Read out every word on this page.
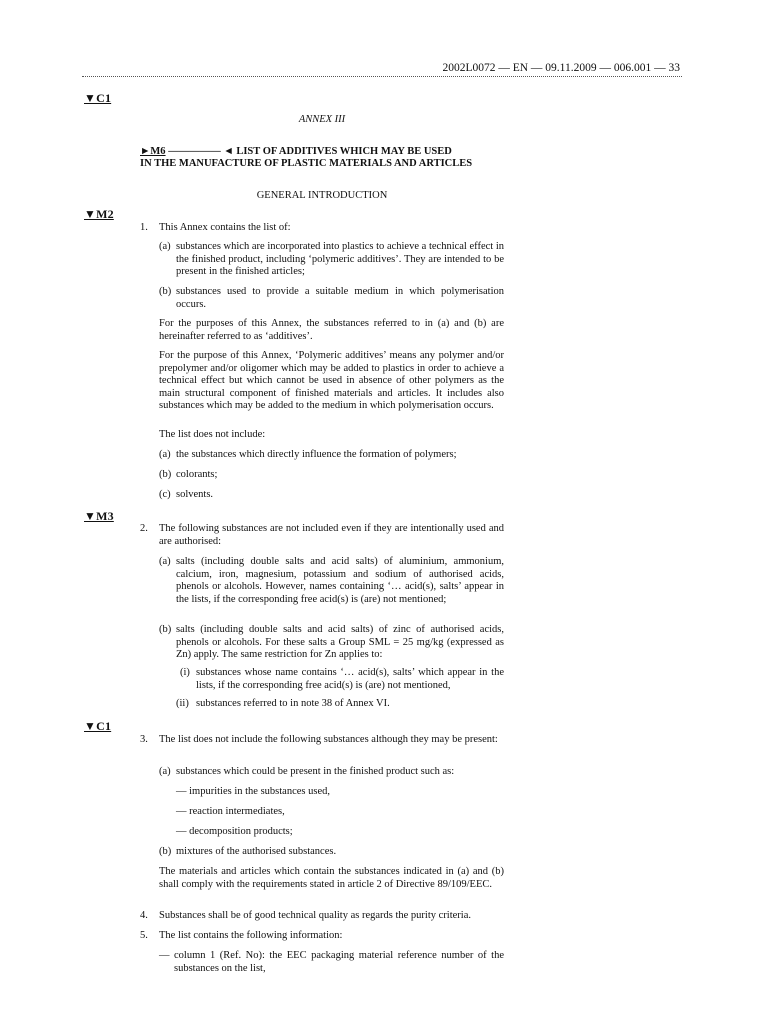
2002L0072 — EN — 09.11.2009 — 006.001 — 33
▼C1
ANNEX III
►M6 ————— ◄ LIST OF ADDITIVES WHICH MAY BE USED
IN THE MANUFACTURE OF PLASTIC MATERIALS AND ARTICLES
GENERAL INTRODUCTION
▼M2
1. This Annex contains the list of:
(a) substances which are incorporated into plastics to achieve a technical effect in the finished product, including ‘polymeric additives’. They are intended to be present in the finished articles;
(b) substances used to provide a suitable medium in which polymerisation occurs.
For the purposes of this Annex, the substances referred to in (a) and (b) are hereinafter referred to as ‘additives’.
For the purpose of this Annex, ‘Polymeric additives’ means any polymer and/or prepolymer and/or oligomer which may be added to plastics in order to achieve a technical effect but which cannot be used in absence of other polymers as the main structural component of finished materials and articles. It includes also substances which may be added to the medium in which polymerisation occurs.
The list does not include:
(a) the substances which directly influence the formation of polymers;
(b) colorants;
(c) solvents.
▼M3
2. The following substances are not included even if they are intentionally used and are authorised:
(a) salts (including double salts and acid salts) of aluminium, ammonium, calcium, iron, magnesium, potassium and sodium of authorised acids, phenols or alcohols. However, names containing ‘… acid(s), salts’ appear in the lists, if the corresponding free acid(s) is (are) not mentioned;
(b) salts (including double salts and acid salts) of zinc of authorised acids, phenols or alcohols. For these salts a Group SML = 25 mg/kg (expressed as Zn) apply. The same restriction for Zn applies to:
(i) substances whose name contains ‘… acid(s), salts’ which appear in the lists, if the corresponding free acid(s) is (are) not mentioned,
(ii) substances referred to in note 38 of Annex VI.
▼C1
3. The list does not include the following substances although they may be present:
(a) substances which could be present in the finished product such as:
— impurities in the substances used,
— reaction intermediates,
— decomposition products;
(b) mixtures of the authorised substances.
The materials and articles which contain the substances indicated in (a) and (b) shall comply with the requirements stated in article 2 of Directive 89/109/EEC.
4. Substances shall be of good technical quality as regards the purity criteria.
5. The list contains the following information:
— column 1 (Ref. No): the EEC packaging material reference number of the substances on the list,
